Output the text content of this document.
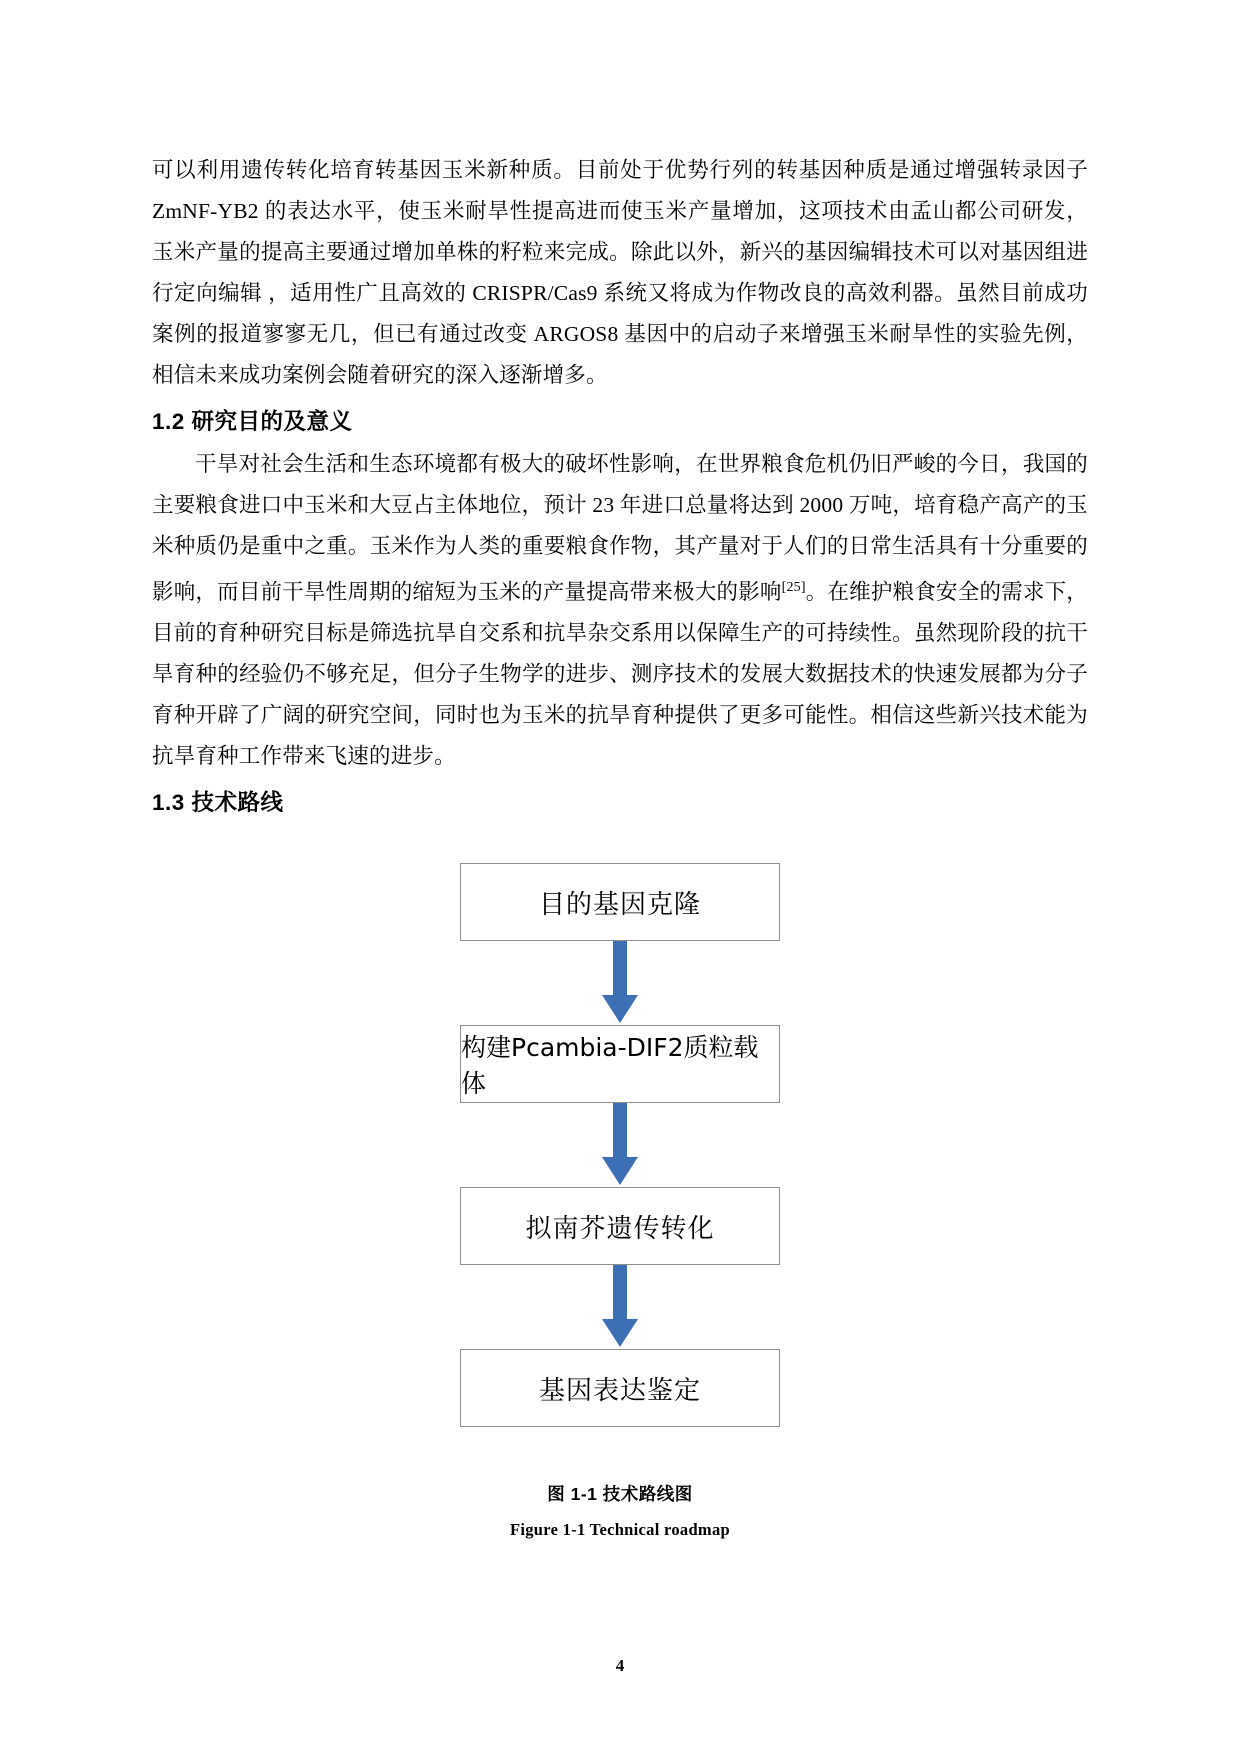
可以利用遗传转化培育转基因玉米新种质。目前处于优势行列的转基因种质是通过增强转录因子 ZmNF-YB2 的表达水平，使玉米耐旱性提高进而使玉米产量增加，这项技术由孟山都公司研发，玉米产量的提高主要通过增加单株的籽粒来完成。除此以外，新兴的基因编辑技术可以对基因组进行定向编辑 ，适用性广且高效的 CRISPR/Cas9 系统又将成为作物改良的高效利器。虽然目前成功案例的报道寥寥无几，但已有通过改变 ARGOS8 基因中的启动子来增强玉米耐旱性的实验先例，相信未来成功案例会随着研究的深入逐渐增多。

1.2 研究目的及意义

干旱对社会生活和生态环境都有极大的破坏性影响，在世界粮食危机仍旧严峻的今日，我国的主要粮食进口中玉米和大豆占主体地位，预计 23 年进口总量将达到 2000 万吨，培育稳产高产的玉米种质仍是重中之重。玉米作为人类的重要粮食作物，其产量对于人们的日常生活具有十分重要的影响，而目前干旱性周期的缩短为玉米的产量提高带来极大的影响[25]。在维护粮食安全的需求下，目前的育种研究目标是筛选抗旱自交系和抗旱杂交系用以保障生产的可持续性。虽然现阶段的抗干旱育种的经验仍不够充足，但分子生物学的进步、测序技术的发展大数据技术的快速发展都为分子育种开辟了广阔的研究空间，同时也为玉米的抗旱育种提供了更多可能性。相信这些新兴技术能为抗旱育种工作带来飞速的进步。

1.3 技术路线
目的基因克隆
构建Pcambia-DIF2质粒载体
拟南芥遗传转化
基因表达鉴定
图 1-1 技术路线图
Figure 1-1 Technical roadmap
4
